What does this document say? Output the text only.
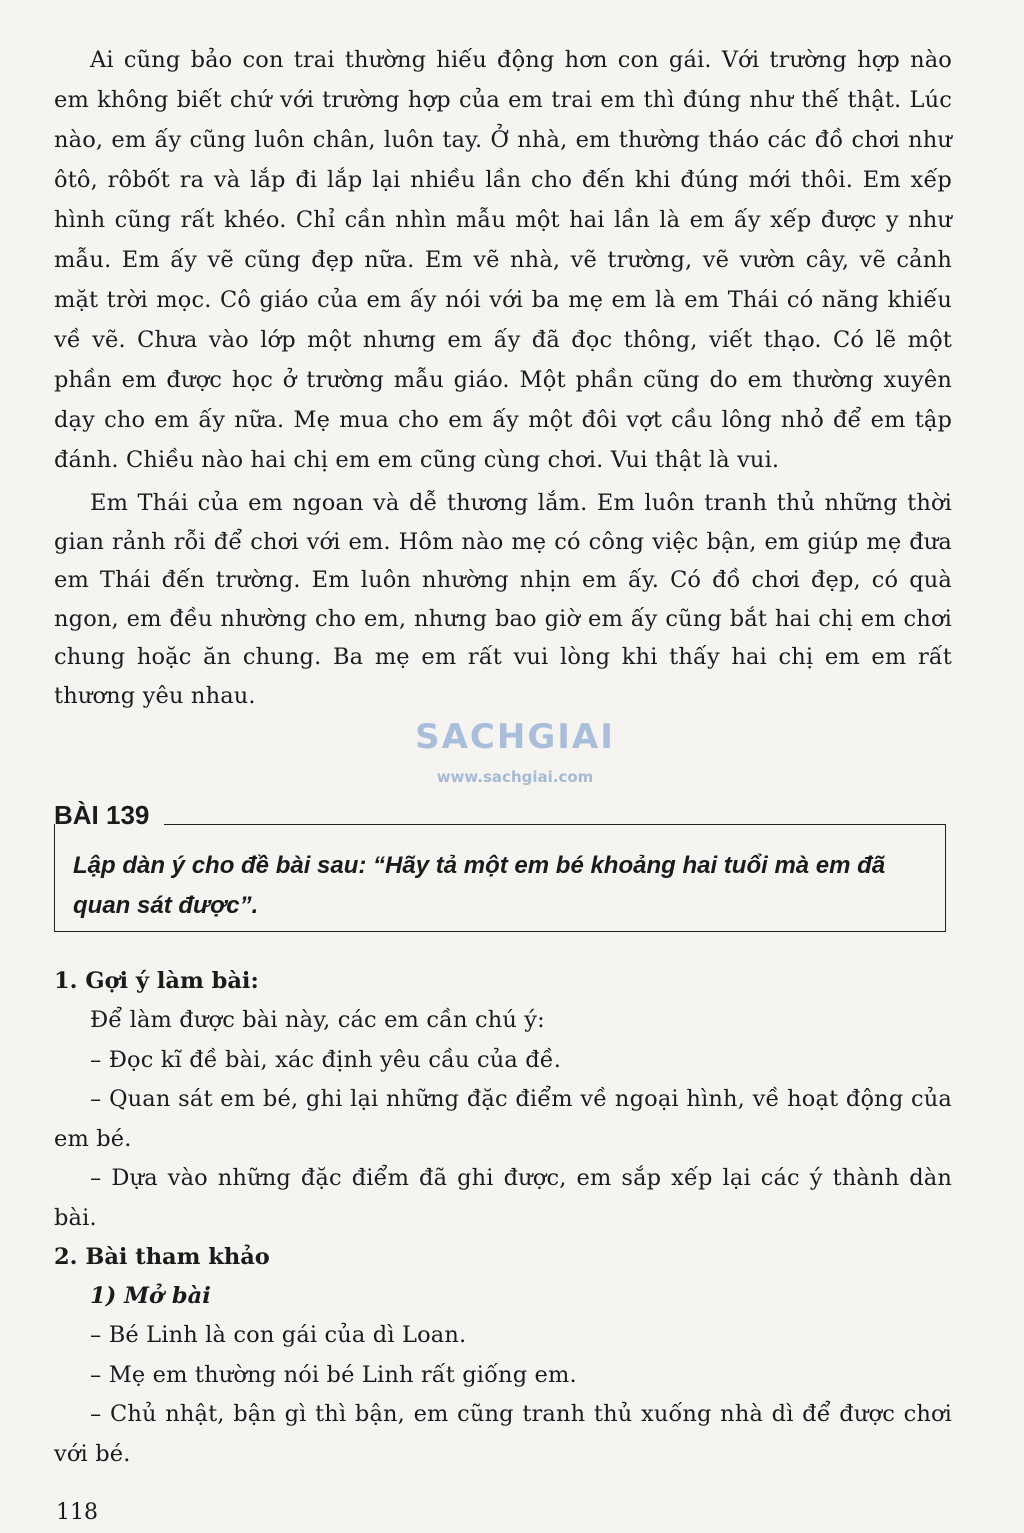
Ai cũng bảo con trai thường hiếu động hơn con gái. Với trường hợp nào em không biết chứ với trường hợp của em trai em thì đúng như thế thật. Lúc nào, em ấy cũng luôn chân, luôn tay. Ở nhà, em thường tháo các đồ chơi như ôtô, rôbốt ra và lắp đi lắp lại nhiều lần cho đến khi đúng mới thôi. Em xếp hình cũng rất khéo. Chỉ cần nhìn mẫu một hai lần là em ấy xếp được y như mẫu. Em ấy vẽ cũng đẹp nữa. Em vẽ nhà, vẽ trường, vẽ vườn cây, vẽ cảnh mặt trời mọc. Cô giáo của em ấy nói với ba mẹ em là em Thái có năng khiếu về vẽ. Chưa vào lớp một nhưng em ấy đã đọc thông, viết thạo. Có lẽ một phần em được học ở trường mẫu giáo. Một phần cũng do em thường xuyên dạy cho em ấy nữa. Mẹ mua cho em ấy một đôi vợt cầu lông nhỏ để em tập đánh. Chiều nào hai chị em em cũng cùng chơi. Vui thật là vui.

Em Thái của em ngoan và dễ thương lắm. Em luôn tranh thủ những thời gian rảnh rỗi để chơi với em. Hôm nào mẹ có công việc bận, em giúp mẹ đưa em Thái đến trường. Em luôn nhường nhịn em ấy. Có đồ chơi đẹp, có quà ngon, em đều nhường cho em, nhưng bao giờ em ấy cũng bắt hai chị em chơi chung hoặc ăn chung. Ba mẹ em rất vui lòng khi thấy hai chị em em rất thương yêu nhau.

SACHGIAI
www.sachgiai.com
BÀI 139

Lập dàn ý cho đề bài sau: “Hãy tả một em bé khoảng hai tuổi mà em đã quan sát được”.

1. Gợi ý làm bài:

Để làm được bài này, các em cần chú ý:

– Đọc kĩ đề bài, xác định yêu cầu của đề.

– Quan sát em bé, ghi lại những đặc điểm về ngoại hình, về hoạt động của em bé.

– Dựa vào những đặc điểm đã ghi được, em sắp xếp lại các ý thành dàn bài.

2. Bài tham khảo

1) Mở bài

– Bé Linh là con gái của dì Loan.

– Mẹ em thường nói bé Linh rất giống em.

– Chủ nhật, bận gì thì bận, em cũng tranh thủ xuống nhà dì để được chơi với bé.

118
